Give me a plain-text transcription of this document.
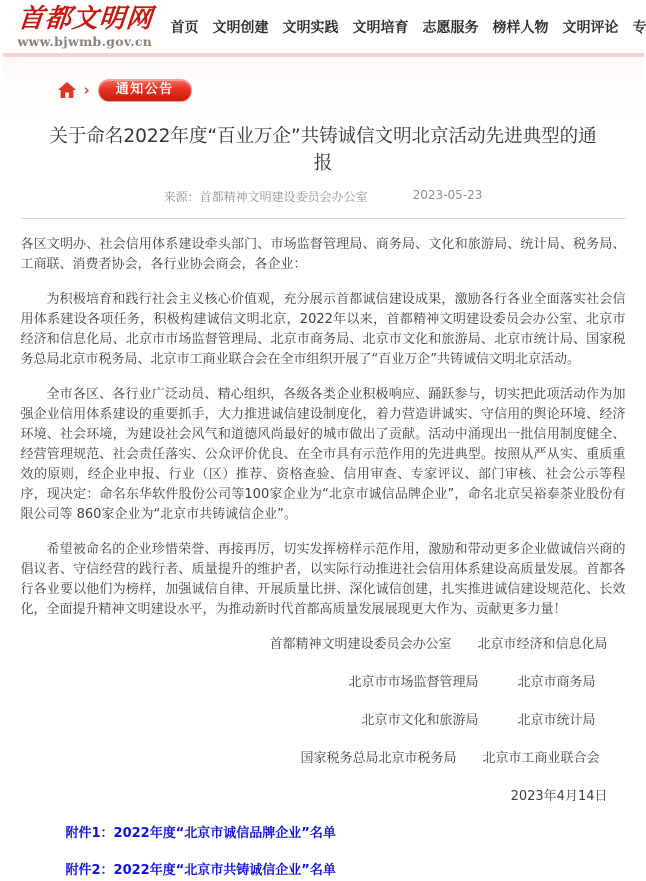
首都文明网
www.bjwmb.gov.cn
首页 文明创建 文明实践 文明培育 志愿服务 榜样人物 文明评论 专
›	通知公告
关于命名2022年度“百业万企”共铸诚信文明北京活动先进典型的通报
来源：首都精神文明建设委员会办公室	2023-05-23

各区文明办、社会信用体系建设牵头部门、市场监督管理局、商务局、文化和旅游局、统计局、税务局、工商联、消费者协会，各行业协会商会，各企业：

为积极培育和践行社会主义核心价值观，充分展示首都诚信建设成果，激励各行各业全面落实社会信用体系建设各项任务，积极构建诚信文明北京，2022年以来，首都精神文明建设委员会办公室、北京市经济和信息化局、北京市市场监督管理局、北京市商务局、北京市文化和旅游局、北京市统计局、国家税务总局北京市税务局、北京市工商业联合会在全市组织开展了“百业万企”共铸诚信文明北京活动。

全市各区、各行业广泛动员、精心组织，各级各类企业积极响应、踊跃参与，切实把此项活动作为加强企业信用体系建设的重要抓手，大力推进诚信建设制度化，着力营造讲诚实、守信用的舆论环境、经济环境、社会环境，为建设社会风气和道德风尚最好的城市做出了贡献。活动中涌现出一批信用制度健全、经营管理规范、社会责任落实、公众评价优良、在全市具有示范作用的先进典型。按照从严从实、重质重效的原则，经企业申报、行业（区）推荐、资格查验、信用审查、专家评议、部门审核、社会公示等程序，现决定：命名东华软件股份公司等100家企业为“北京市诚信品牌企业”，命名北京吴裕泰茶业股份有限公司等 860家企业为“北京市共铸诚信企业”。

希望被命名的企业珍惜荣誉、再接再厉，切实发挥榜样示范作用，激励和带动更多企业做诚信兴商的倡议者、守信经营的践行者、质量提升的维护者，以实际行动推进社会信用体系建设高质量发展。首都各行各业要以他们为榜样，加强诚信自律、开展质量比拼、深化诚信创建，扎实推进诚信建设规范化、长效化，全面提升精神文明建设水平，为推动新时代首都高质量发展展现更大作为、贡献更多力量！

首都精神文明建设委员会办公室　　北京市经济和信息化局
北京市市场监督管理局　　　北京市商务局
北京市文化和旅游局　　　北京市统计局
国家税务总局北京市税务局　　北京市工商业联合会
2023年4月14日
附件1：2022年度“北京市诚信品牌企业”名单
附件2：2022年度“北京市共铸诚信企业”名单
